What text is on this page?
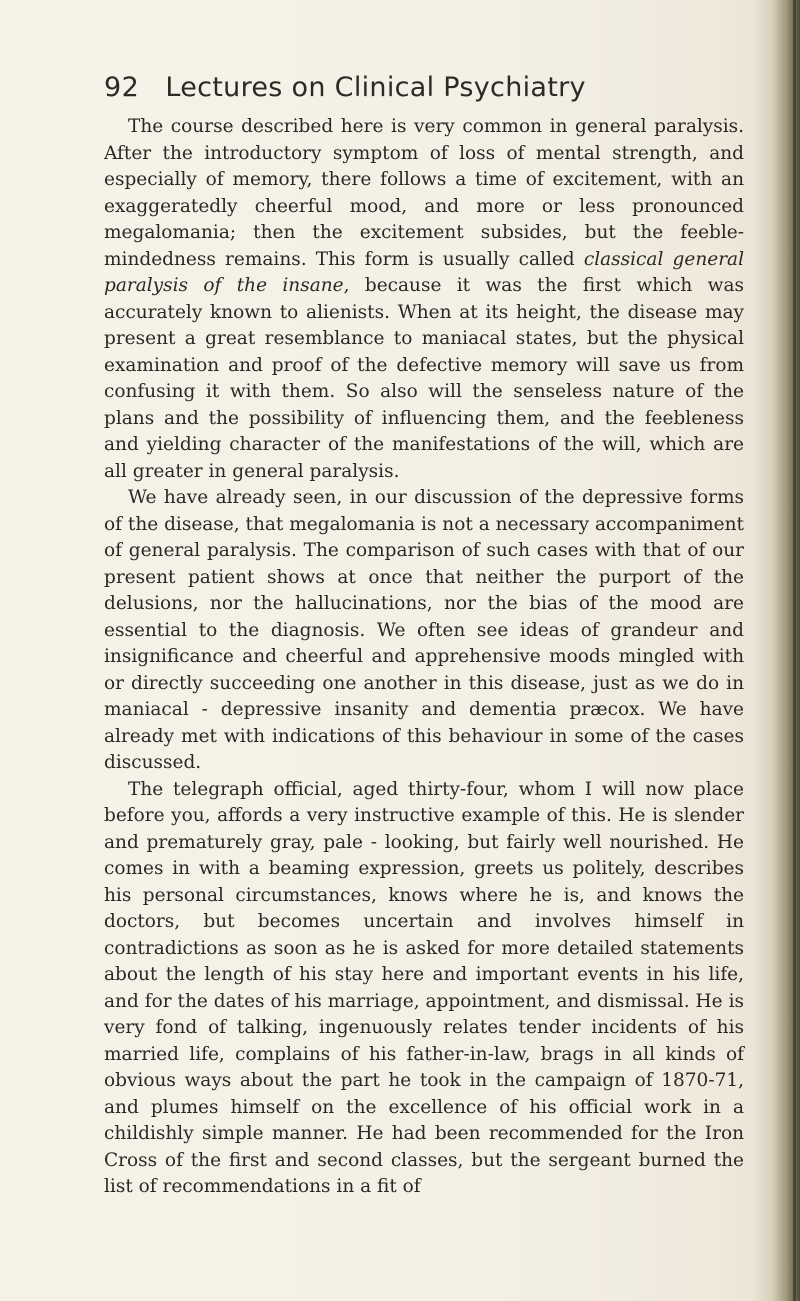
92 Lectures on Clinical Psychiatry

The course described here is very common in general paralysis. After the introductory symptom of loss of mental strength, and especially of memory, there follows a time of excitement, with an exaggeratedly cheerful mood, and more or less pronounced megalomania; then the excitement subsides, but the feeble-mindedness remains. This form is usually called classical general paralysis of the insane, because it was the first which was accurately known to alienists. When at its height, the disease may present a great resemblance to maniacal states, but the physical examination and proof of the defective memory will save us from confusing it with them. So also will the senseless nature of the plans and the possibility of influencing them, and the feebleness and yielding character of the manifestations of the will, which are all greater in general paralysis.

We have already seen, in our discussion of the depressive forms of the disease, that megalomania is not a necessary accompaniment of general paralysis. The comparison of such cases with that of our present patient shows at once that neither the purport of the delusions, nor the hallucinations, nor the bias of the mood are essential to the diagnosis. We often see ideas of grandeur and insignificance and cheerful and apprehensive moods mingled with or directly succeeding one another in this disease, just as we do in maniacal - depressive insanity and dementia præcox. We have already met with indications of this behaviour in some of the cases discussed.

The telegraph official, aged thirty-four, whom I will now place before you, affords a very instructive example of this. He is slender and prematurely gray, pale - looking, but fairly well nourished. He comes in with a beaming expression, greets us politely, describes his personal circumstances, knows where he is, and knows the doctors, but becomes uncertain and involves himself in contradictions as soon as he is asked for more detailed statements about the length of his stay here and important events in his life, and for the dates of his marriage, appointment, and dismissal. He is very fond of talking, ingenuously relates tender incidents of his married life, complains of his father-in-law, brags in all kinds of obvious ways about the part he took in the campaign of 1870-71, and plumes himself on the excellence of his official work in a childishly simple manner. He had been recommended for the Iron Cross of the first and second classes, but the sergeant burned the list of recommendations in a fit of
